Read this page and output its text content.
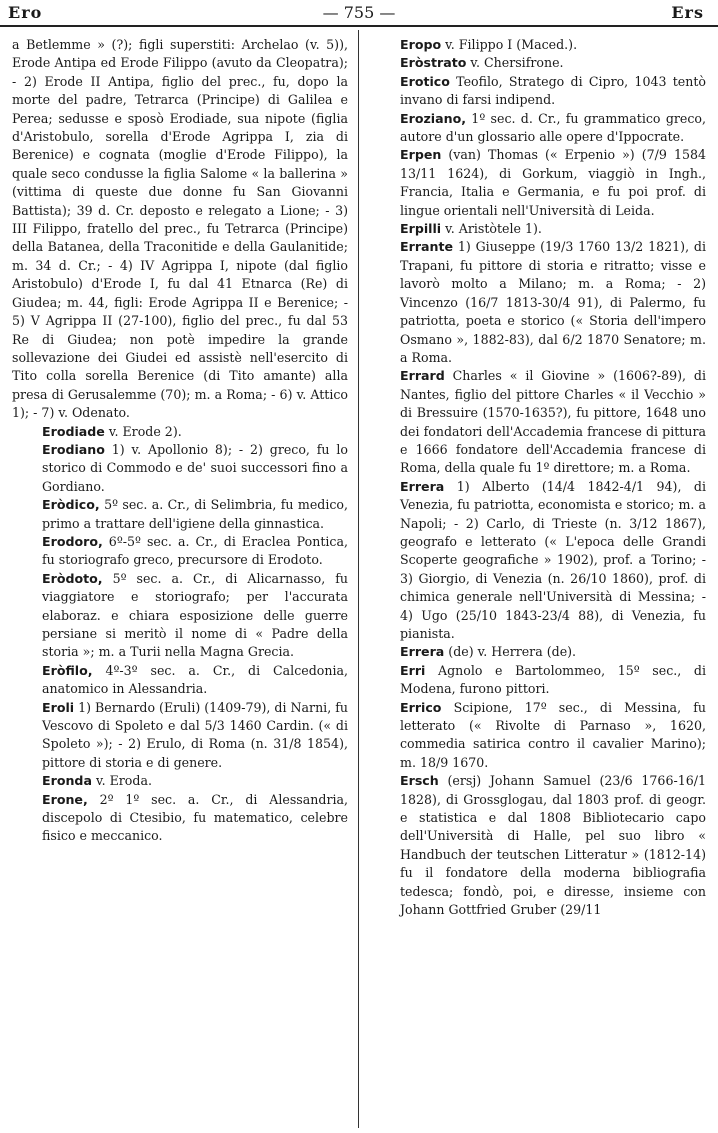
Ero	— 755 —	Ers

a Betlemme » (?); figli superstiti: Archelao (v. 5)), Erode Antipa ed Erode Filippo (avuto da Cleopatra); - 2) Erode II Antipa, figlio del prec., fu, dopo la morte del padre, Tetrarca (Principe) di Galilea e Perea; sedusse e sposò Erodiade, sua nipote (figlia d'Aristobulo, sorella d'Erode Agrippa I, zia di Berenice) e cognata (moglie d'Erode Filippo), la quale seco condusse la figlia Salome « la ballerina » (vittima di queste due donne fu San Giovanni Battista); 39 d. Cr. deposto e relegato a Lione; - 3) III Filippo, fratello del prec., fu Tetrarca (Principe) della Batanea, della Traconitide e della Gaulanitide; m. 34 d. Cr.; - 4) IV Agrippa I, nipote (dal figlio Aristobulo) d'Erode I, fu dal 41 Etnarca (Re) di Giudea; m. 44, figli: Erode Agrippa II e Berenice; - 5) V Agrippa II (27-100), figlio del prec., fu dal 53 Re di Giudea; non potè impedire la grande sollevazione dei Giudei ed assistè nell'esercito di Tito colla sorella Berenice (di Tito amante) alla presa di Gerusalemme (70); m. a Roma; - 6) v. Attico 1); - 7) v. Odenato.

Erodiade v. Erode 2).

Erodiano 1) v. Apollonio 8); - 2) greco, fu lo storico di Commodo e de' suoi successori fino a Gordiano.

Eròdico, 5º sec. a. Cr., di Selimbria, fu medico, primo a trattare dell'igiene della ginnastica.

Erodoro, 6º-5º sec. a. Cr., di Eraclea Pontica, fu storiografo greco, precursore di Erodoto.

Eròdoto, 5º sec. a. Cr., di Alicarnasso, fu viaggiatore e storiografo; per l'accurata elaboraz. e chiara esposizione delle guerre persiane si meritò il nome di « Padre della storia »; m. a Turii nella Magna Grecia.

Eròfilo, 4º-3º sec. a. Cr., di Calcedonia, anatomico in Alessandria.

Eroli 1) Bernardo (Eruli) (1409-79), di Narni, fu Vescovo di Spoleto e dal 5/3 1460 Cardin. (« di Spoleto »); - 2) Erulo, di Roma (n. 31/8 1854), pittore di storia e di genere.

Eronda v. Eroda.

Erone, 2º 1º sec. a. Cr., di Alessandria, discepolo di Ctesibio, fu matematico, celebre fisico e meccanico.

Eropo v. Filippo I (Maced.).

Eròstrato v. Chersifrone.

Erotico Teofilo, Stratego di Cipro, 1043 tentò invano di farsi indipend.

Eroziano, 1º sec. d. Cr., fu grammatico greco, autore d'un glossario alle opere d'Ippocrate.

Erpen (van) Thomas (« Erpenio ») (7/9 1584 13/11 1624), di Gorkum, viaggiò in Ingh., Francia, Italia e Germania, e fu poi prof. di lingue orientali nell'Università di Leida.

Erpilli v. Aristòtele 1).

Errante 1) Giuseppe (19/3 1760 13/2 1821), di Trapani, fu pittore di storia e ritratto; visse e lavorò molto a Milano; m. a Roma; - 2) Vincenzo (16/7 1813-30/4 91), di Palermo, fu patriotta, poeta e storico (« Storia dell'impero Osmano », 1882-83), dal 6/2 1870 Senatore; m. a Roma.

Errard Charles « il Giovine » (1606?-89), di Nantes, figlio del pittore Charles « il Vecchio » di Bressuire (1570-1635?), fu pittore, 1648 uno dei fondatori dell'Accademia francese di pittura e 1666 fondatore dell'Accademia francese di Roma, della quale fu 1º direttore; m. a Roma.

Errera 1) Alberto (14/4 1842-4/1 94), di Venezia, fu patriotta, economista e storico; m. a Napoli; - 2) Carlo, di Trieste (n. 3/12 1867), geografo e letterato (« L'epoca delle Grandi Scoperte geografiche » 1902), prof. a Torino; - 3) Giorgio, di Venezia (n. 26/10 1860), prof. di chimica generale nell'Università di Messina; - 4) Ugo (25/10 1843-23/4 88), di Venezia, fu pianista.

Errera (de) v. Herrera (de).

Erri Agnolo e Bartolommeo, 15º sec., di Modena, furono pittori.

Errico Scipione, 17º sec., di Messina, fu letterato (« Rivolte di Parnaso », 1620, commedia satirica contro il cavalier Marino); m. 18/9 1670.

Ersch (ersj) Johann Samuel (23/6 1766-16/1 1828), di Grossglogau, dal 1803 prof. di geogr. e statistica e dal 1808 Bibliotecario capo dell'Università di Halle, pel suo libro « Handbuch der teutschen Litteratur » (1812-14) fu il fondatore della moderna bibliografia tedesca; fondò, poi, e diresse, insieme con Johann Gottfried Gruber (29/11
